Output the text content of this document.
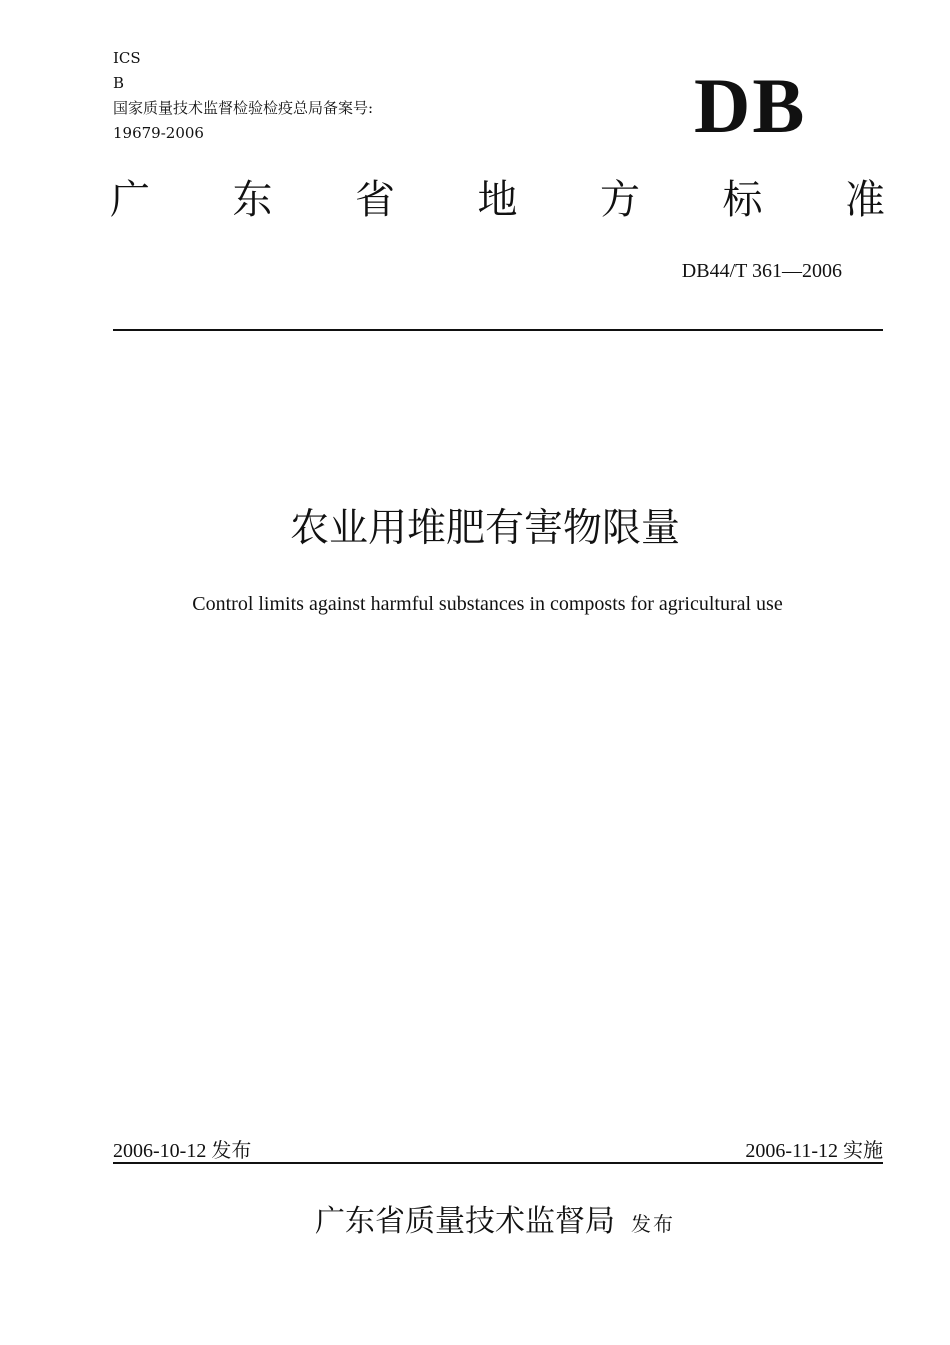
ICS
B
国家质量技术监督检验检疫总局备案号:
19679-2006	DB
广 东 省 地 方 标 准
DB44/T 361—2006
农业用堆肥有害物限量
Control limits against harmful substances in composts for agricultural use
2006-10-12 发布	2006-11-12 实施
广东省质量技术监督局 发布
